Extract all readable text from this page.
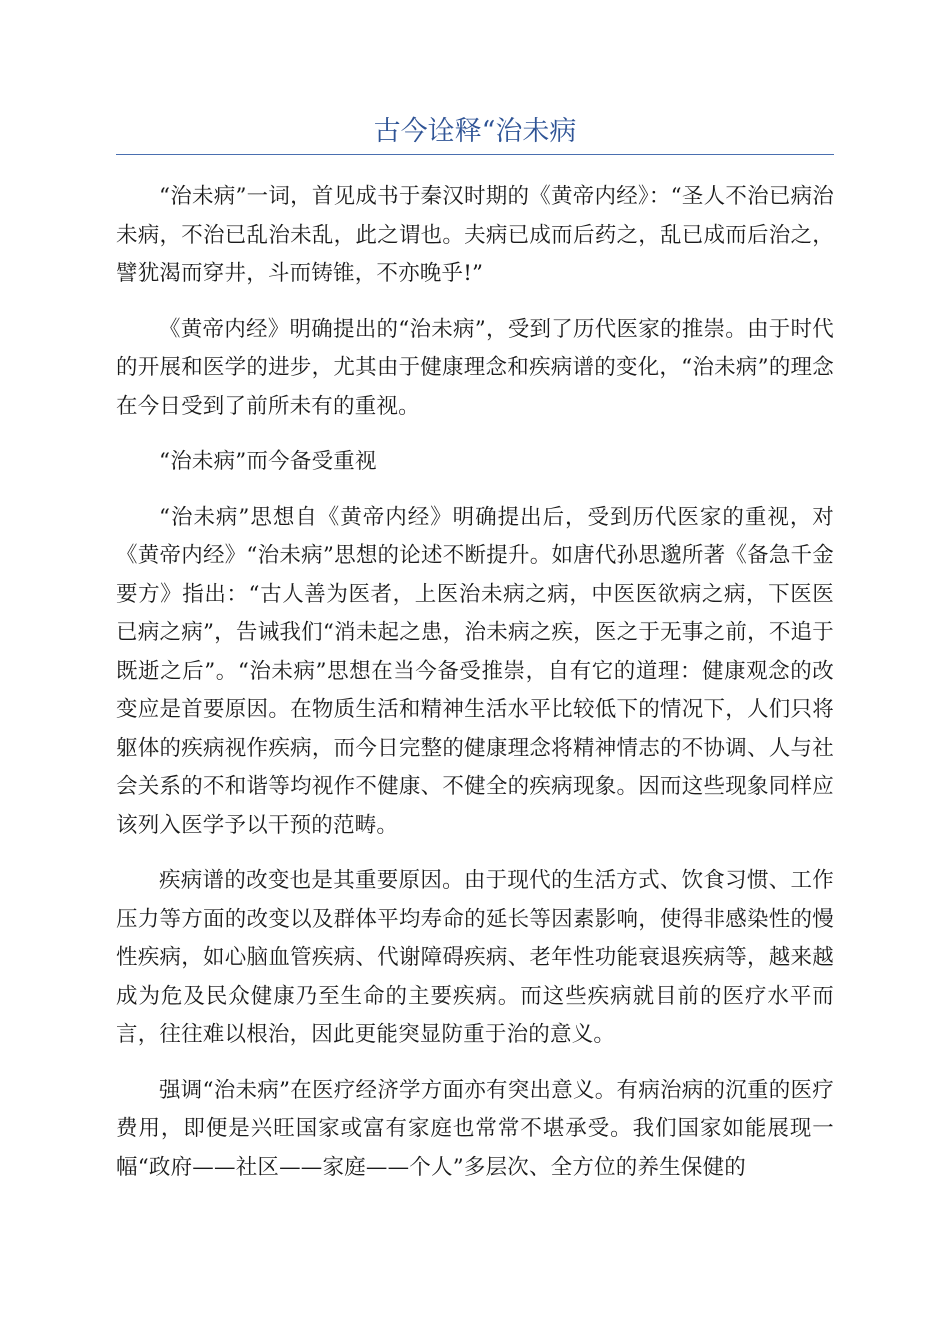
古今诠释“治未病

“治未病”一词，首见成书于秦汉时期的《黄帝内经》：“圣人不治已病治未病，不治已乱治未乱，此之谓也。夫病已成而后药之，乱已成而后治之，譬犹渴而穿井，斗而铸锥，不亦晚乎!”

《黄帝内经》明确提出的“治未病”，受到了历代医家的推崇。由于时代的开展和医学的进步，尤其由于健康理念和疾病谱的变化，“治未病”的理念在今日受到了前所未有的重视。

“治未病”而今备受重视

“治未病”思想自《黄帝内经》明确提出后，受到历代医家的重视，对《黄帝内经》“治未病”思想的论述不断提升。如唐代孙思邈所著《备急千金要方》指出：“古人善为医者，上医治未病之病，中医医欲病之病，下医医已病之病”，告诫我们“消未起之患，治未病之疾，医之于无事之前，不追于既逝之后”。“治未病”思想在当今备受推崇，自有它的道理：健康观念的改变应是首要原因。在物质生活和精神生活水平比较低下的情况下，人们只将躯体的疾病视作疾病，而今日完整的健康理念将精神情志的不协调、人与社会关系的不和谐等均视作不健康、不健全的疾病现象。因而这些现象同样应该列入医学予以干预的范畴。

疾病谱的改变也是其重要原因。由于现代的生活方式、饮食习惯、工作压力等方面的改变以及群体平均寿命的延长等因素影响，使得非感染性的慢性疾病，如心脑血管疾病、代谢障碍疾病、老年性功能衰退疾病等，越来越成为危及民众健康乃至生命的主要疾病。而这些疾病就目前的医疗水平而言，往往难以根治，因此更能突显防重于治的意义。

强调“治未病”在医疗经济学方面亦有突出意义。有病治病的沉重的医疗费用，即便是兴旺国家或富有家庭也常常不堪承受。我们国家如能展现一幅“政府——社区——家庭——个人”多层次、全方位的养生保健的
